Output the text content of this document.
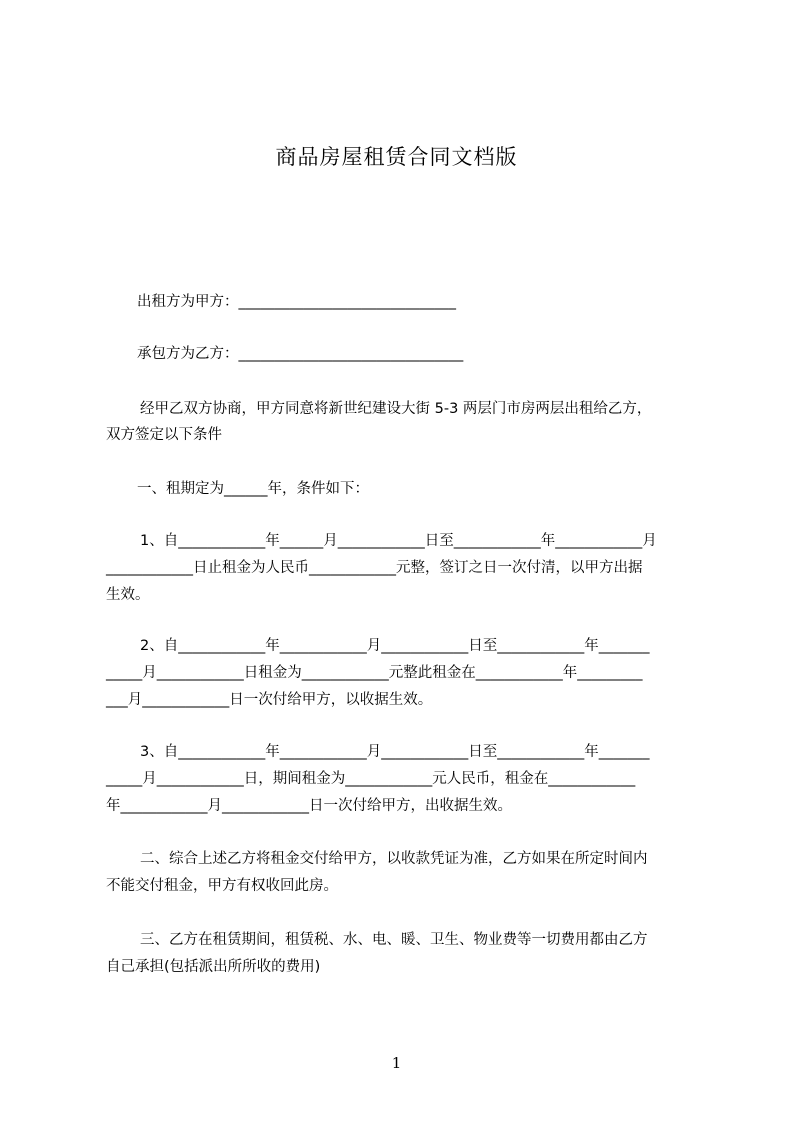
商品房屋租赁合同文档版

出租方为甲方：______________________________

承包方为乙方：_______________________________

经甲乙双方协商，甲方同意将新世纪建设大街 5-3 两层门市房两层出租给乙方，

双方签定以下条件

一、租期定为______年，条件如下：

1、自____________年______月____________日至____________年____________月

____________日止租金为人民币____________元整，签订之日一次付清，以甲方出据

生效。

2、自____________年____________月____________日至____________年_______

_____月____________日租金为____________元整此租金在____________年_________

___月____________日一次付给甲方，以收据生效。

3、自____________年____________月____________日至____________年_______

_____月____________日，期间租金为____________元人民币，租金在____________

年____________月____________日一次付给甲方，出收据生效。

二、综合上述乙方将租金交付给甲方，以收款凭证为准，乙方如果在所定时间内

不能交付租金，甲方有权收回此房。

三、乙方在租赁期间，租赁税、水、电、暖、卫生、物业费等一切费用都由乙方

自己承担(包括派出所所收的费用)

1
